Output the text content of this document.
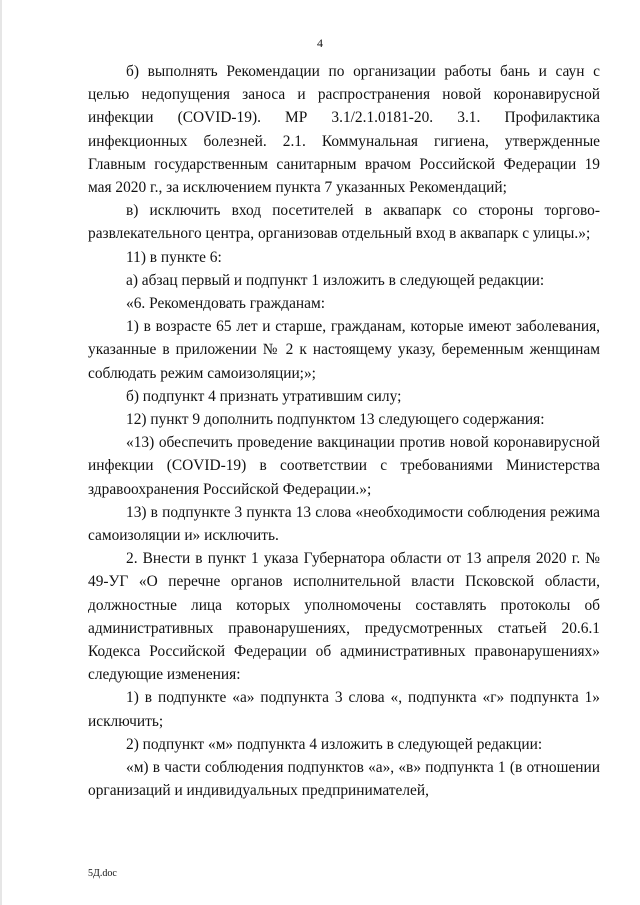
4

б) выполнять Рекомендации по организации работы бань и саун с целью недопущения заноса и распространения новой коронавирусной инфекции (COVID-19). МР 3.1/2.1.0181-20. 3.1. Профилактика инфекционных болезней. 2.1. Коммунальная гигиена, утвержденные Главным государственным санитарным врачом Российской Федерации 19 мая 2020 г., за исключением пункта 7 указанных Рекомендаций;

в) исключить вход посетителей в аквапарк со стороны торгово-развлекательного центра, организовав отдельный вход в аквапарк с улицы.»;

11) в пункте 6:

а) абзац первый и подпункт 1 изложить в следующей редакции:

«6. Рекомендовать гражданам:

1) в возрасте 65 лет и старше, гражданам, которые имеют заболевания, указанные в приложении № 2 к настоящему указу, беременным женщинам соблюдать режим самоизоляции;»;

б) подпункт 4 признать утратившим силу;

12) пункт 9 дополнить подпунктом 13 следующего содержания:

«13) обеспечить проведение вакцинации против новой коронавирусной инфекции (COVID-19) в соответствии с требованиями Министерства здравоохранения Российской Федерации.»;

13) в подпункте 3 пункта 13 слова «необходимости соблюдения режима самоизоляции и» исключить.

2. Внести в пункт 1 указа Губернатора области от 13 апреля 2020 г. № 49-УГ «О перечне органов исполнительной власти Псковской области, должностные лица которых уполномочены составлять протоколы об административных правонарушениях, предусмотренных статьей 20.6.1 Кодекса Российской Федерации об административных правонарушениях» следующие изменения:

1) в подпункте «а» подпункта 3 слова «, подпункта «г» подпункта 1» исключить;

2) подпункт «м» подпункта 4 изложить в следующей редакции:

«м) в части соблюдения подпунктов «а», «в» подпункта 1 (в отношении организаций и индивидуальных предпринимателей,

5Д.doc
